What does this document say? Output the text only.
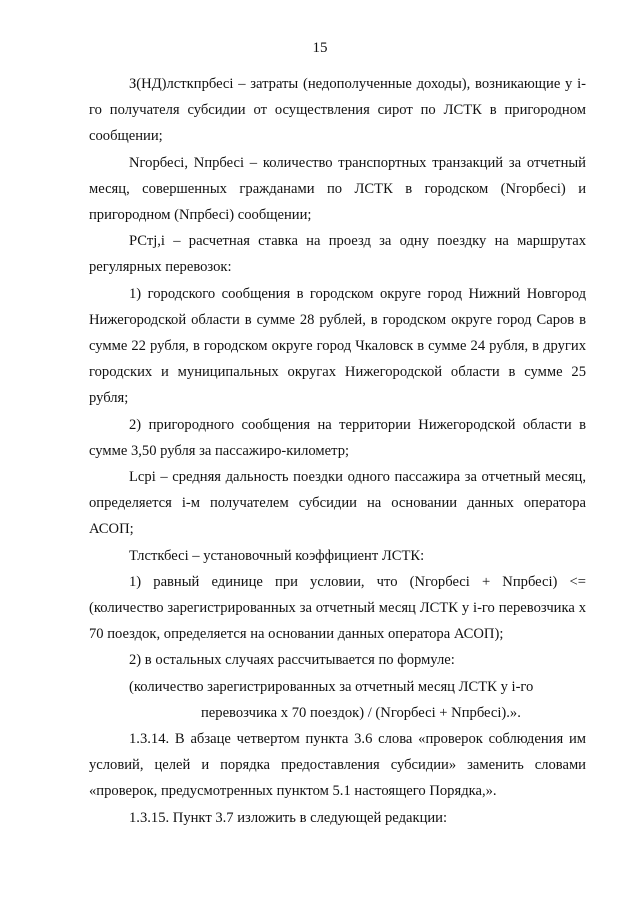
15

З(НД)лсткпрбесi – затраты (недополученные доходы), возникающие у i-го получателя субсидии от осуществления сирот по ЛСТК в пригородном сообщении;

Nгорбесi, Nпрбесi – количество транспортных транзакций за отчетный месяц, совершенных гражданами по ЛСТК в городском (Nгорбесi) и пригородном (Nпрбесi) сообщении;

РСтj,i – расчетная ставка на проезд за одну поездку на маршрутах регулярных перевозок:

1) городского сообщения в городском округе город Нижний Новгород Нижегородской области в сумме 28 рублей, в городском округе город Саров в сумме 22 рубля, в городском округе город Чкаловск в сумме 24 рубля, в других городских и муниципальных округах Нижегородской области в сумме 25 рубля;

2) пригородного сообщения на территории Нижегородской области в сумме 3,50 рубля за пассажиро-километр;

Lсрi – средняя дальность поездки одного пассажира за отчетный месяц, определяется i-м получателем субсидии на основании данных оператора АСОП;

Тлсткбесi – установочный коэффициент ЛСТК:

1) равный единице при условии, что (Nгорбесi + Nпрбесi) <= (количество зарегистрированных за отчетный месяц ЛСТК у i-го перевозчика x 70 поездок, определяется на основании данных оператора АСОП);

2) в остальных случаях рассчитывается по формуле:

(количество зарегистрированных за отчетный месяц ЛСТК у i-го

перевозчика x 70 поездок) / (Nгорбесi + Nпрбесi).».

1.3.14. В абзаце четвертом пункта 3.6 слова «проверок соблюдения им условий, целей и порядка предоставления субсидии» заменить словами «проверок, предусмотренных пунктом 5.1 настоящего Порядка,».

1.3.15. Пункт 3.7 изложить в следующей редакции:
